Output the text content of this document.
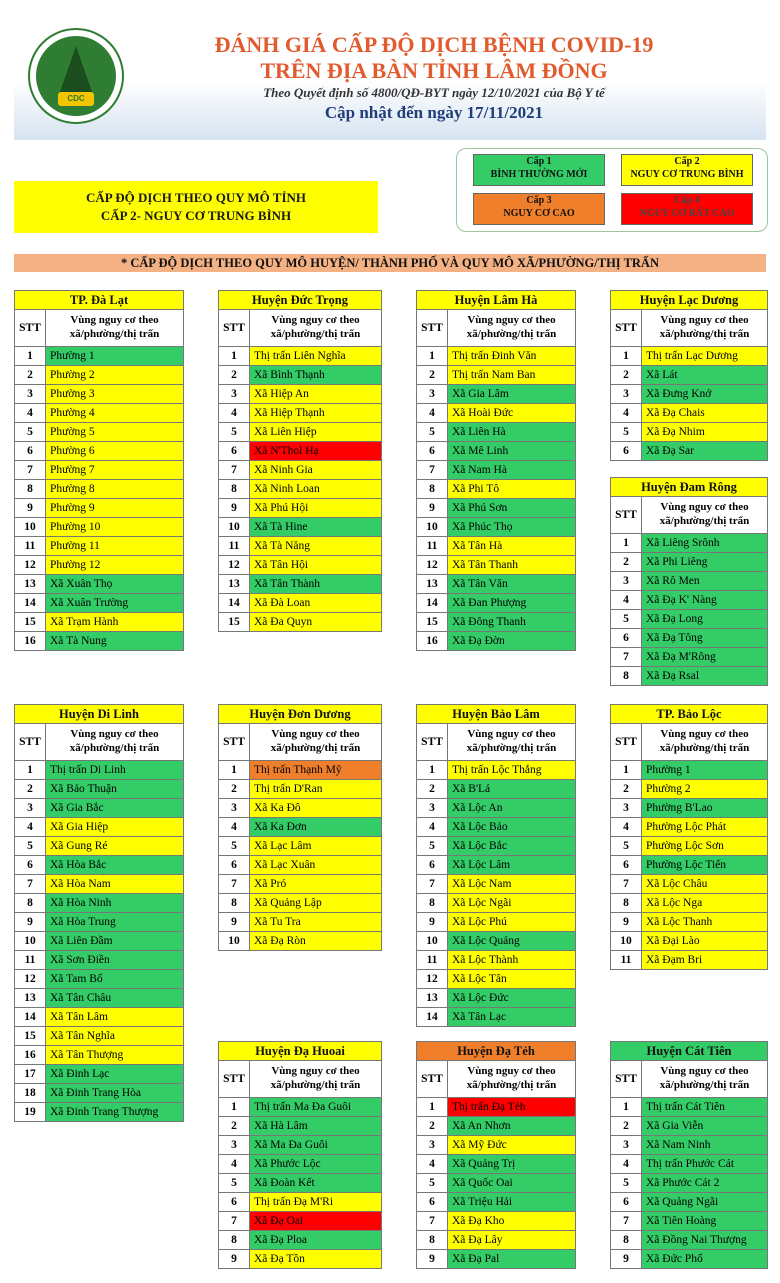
CDC
ĐÁNH GIÁ CẤP ĐỘ DỊCH BỆNH COVID-19
TRÊN ĐỊA BÀN TỈNH LÂM ĐỒNG
Theo Quyết định số 4800/QĐ-BYT ngày 12/10/2021 của Bộ Y tế
Cập nhật đến ngày 17/11/2021
CẤP ĐỘ DỊCH THEO QUY MÔ TỈNH
CẤP 2- NGUY CƠ TRUNG BÌNH
Cấp 1
BÌNH THƯỜNG MỚI
Cấp 2
NGUY CƠ TRUNG BÌNH
Cấp 3
NGUY CƠ CAO
Cấp 4
NGUY CƠ RẤT CAO
* CẤP ĐỘ DỊCH THEO QUY MÔ HUYỆN/ THÀNH PHỐ VÀ QUY MÔ XÃ/PHƯỜNG/THỊ TRẤN
TP. Đà Lạt
STT
Vùng nguy cơ theo xã/phường/thị trấn
1	Phường 1
2	Phường 2
3	Phường 3
4	Phường 4
5	Phường 5
6	Phường 6
7	Phường 7
8	Phường 8
9	Phường 9
10	Phường 10
11	Phường 11
12	Phường 12
13	Xã Xuân Thọ
14	Xã Xuân Trường
15	Xã Trạm Hành
16	Xã Tà Nung
Huyện Đức Trọng
STT
Vùng nguy cơ theo xã/phường/thị trấn
1	Thị trấn Liên Nghĩa
2	Xã Bình Thạnh
3	Xã Hiệp An
4	Xã Hiệp Thạnh
5	Xã Liên Hiệp
6	Xã N'Thol Hạ
7	Xã Ninh Gia
8	Xã Ninh Loan
9	Xã Phú Hội
10	Xã Tà Hine
11	Xã Tà Năng
12	Xã Tân Hội
13	Xã Tân Thành
14	Xã Đà Loan
15	Xã Đa Quyn
Huyện Lâm Hà
STT
Vùng nguy cơ theo xã/phường/thị trấn
1	Thị trấn Đinh Văn
2	Thị trấn Nam Ban
3	Xã Gia Lâm
4	Xã Hoài Đức
5	Xã Liên Hà
6	Xã Mê Linh
7	Xã Nam Hà
8	Xã Phi Tô
9	Xã Phú Sơn
10	Xã Phúc Thọ
11	Xã Tân Hà
12	Xã Tân Thanh
13	Xã Tân Văn
14	Xã Đan Phượng
15	Xã Đông Thanh
16	Xã Đạ Đờn
Huyện Lạc Dương
STT
Vùng nguy cơ theo xã/phường/thị trấn
1	Thị trấn Lạc Dương
2	Xã Lát
3	Xã Đưng Knớ
4	Xã Đạ Chais
5	Xã Đạ Nhim
6	Xã Đạ Sar
Huyện Đam Rông
STT
Vùng nguy cơ theo xã/phường/thị trấn
1	Xã Liêng Srônh
2	Xã Phi Liêng
3	Xã Rô Men
4	Xã Đạ K' Nàng
5	Xã Đạ Long
6	Xã Đạ Tông
7	Xã Đạ M'Rông
8	Xã Đạ Rsal
Huyện Di Linh
STT
Vùng nguy cơ theo xã/phường/thị trấn
1	Thị trấn Di Linh
2	Xã Bảo Thuận
3	Xã Gia Bắc
4	Xã Gia Hiệp
5	Xã Gung Ré
6	Xã Hòa Bắc
7	Xã Hòa Nam
8	Xã Hòa Ninh
9	Xã Hòa Trung
10	Xã Liên Đầm
11	Xã Sơn Điền
12	Xã Tam Bố
13	Xã Tân Châu
14	Xã Tân Lâm
15	Xã Tân Nghĩa
16	Xã Tân Thượng
17	Xã Đinh Lạc
18	Xã Đinh Trang Hòa
19	Xã Đinh Trang Thượng
Huyện Đơn Dương
STT
Vùng nguy cơ theo xã/phường/thị trấn
1	Thị trấn Thạnh Mỹ
2	Thị trấn D'Ran
3	Xã Ka Đô
4	Xã Ka Đơn
5	Xã Lạc Lâm
6	Xã Lạc Xuân
7	Xã Pró
8	Xã Quảng Lập
9	Xã Tu Tra
10	Xã Đạ Ròn
Huyện Bảo Lâm
STT
Vùng nguy cơ theo xã/phường/thị trấn
1	Thị trấn Lộc Thắng
2	Xã B'Lá
3	Xã Lộc An
4	Xã Lộc Bảo
5	Xã Lộc Bắc
6	Xã Lộc Lâm
7	Xã Lộc Nam
8	Xã Lộc Ngãi
9	Xã Lộc Phú
10	Xã Lộc Quảng
11	Xã Lộc Thành
12	Xã Lộc Tân
13	Xã Lộc Đức
14	Xã Tân Lạc
TP. Bảo Lộc
STT
Vùng nguy cơ theo xã/phường/thị trấn
1	Phường 1
2	Phường 2
3	Phường B'Lao
4	Phường Lộc Phát
5	Phường Lộc Sơn
6	Phường Lộc Tiến
7	Xã Lộc Châu
8	Xã Lộc Nga
9	Xã Lộc Thanh
10	Xã Đại Lào
11	Xã Đạm Bri
Huyện Đạ Huoai
STT
Vùng nguy cơ theo xã/phường/thị trấn
1	Thị trấn Ma Đa Guôi
2	Xã Hà Lâm
3	Xã Ma Đa Guôi
4	Xã Phước Lộc
5	Xã Đoàn Kết
6	Thị trấn Đạ M'Ri
7	Xã Đạ Oai
8	Xã Đạ Ploa
9	Xã Đạ Tồn
Huyện Đạ Tẻh
STT
Vùng nguy cơ theo xã/phường/thị trấn
1	Thị trấn Đạ Tẻh
2	Xã An Nhơn
3	Xã Mỹ Đức
4	Xã Quảng Trị
5	Xã Quốc Oai
6	Xã Triệu Hải
7	Xã Đạ Kho
8	Xã Đạ Lây
9	Xã Đạ Pal
Huyện Cát Tiên
STT
Vùng nguy cơ theo xã/phường/thị trấn
1	Thị trấn Cát Tiên
2	Xã Gia Viễn
3	Xã Nam Ninh
4	Thị trấn Phước Cát
5	Xã Phước Cát 2
6	Xã Quảng Ngãi
7	Xã Tiên Hoàng
8	Xã Đồng Nai Thượng
9	Xã Đức Phổ
